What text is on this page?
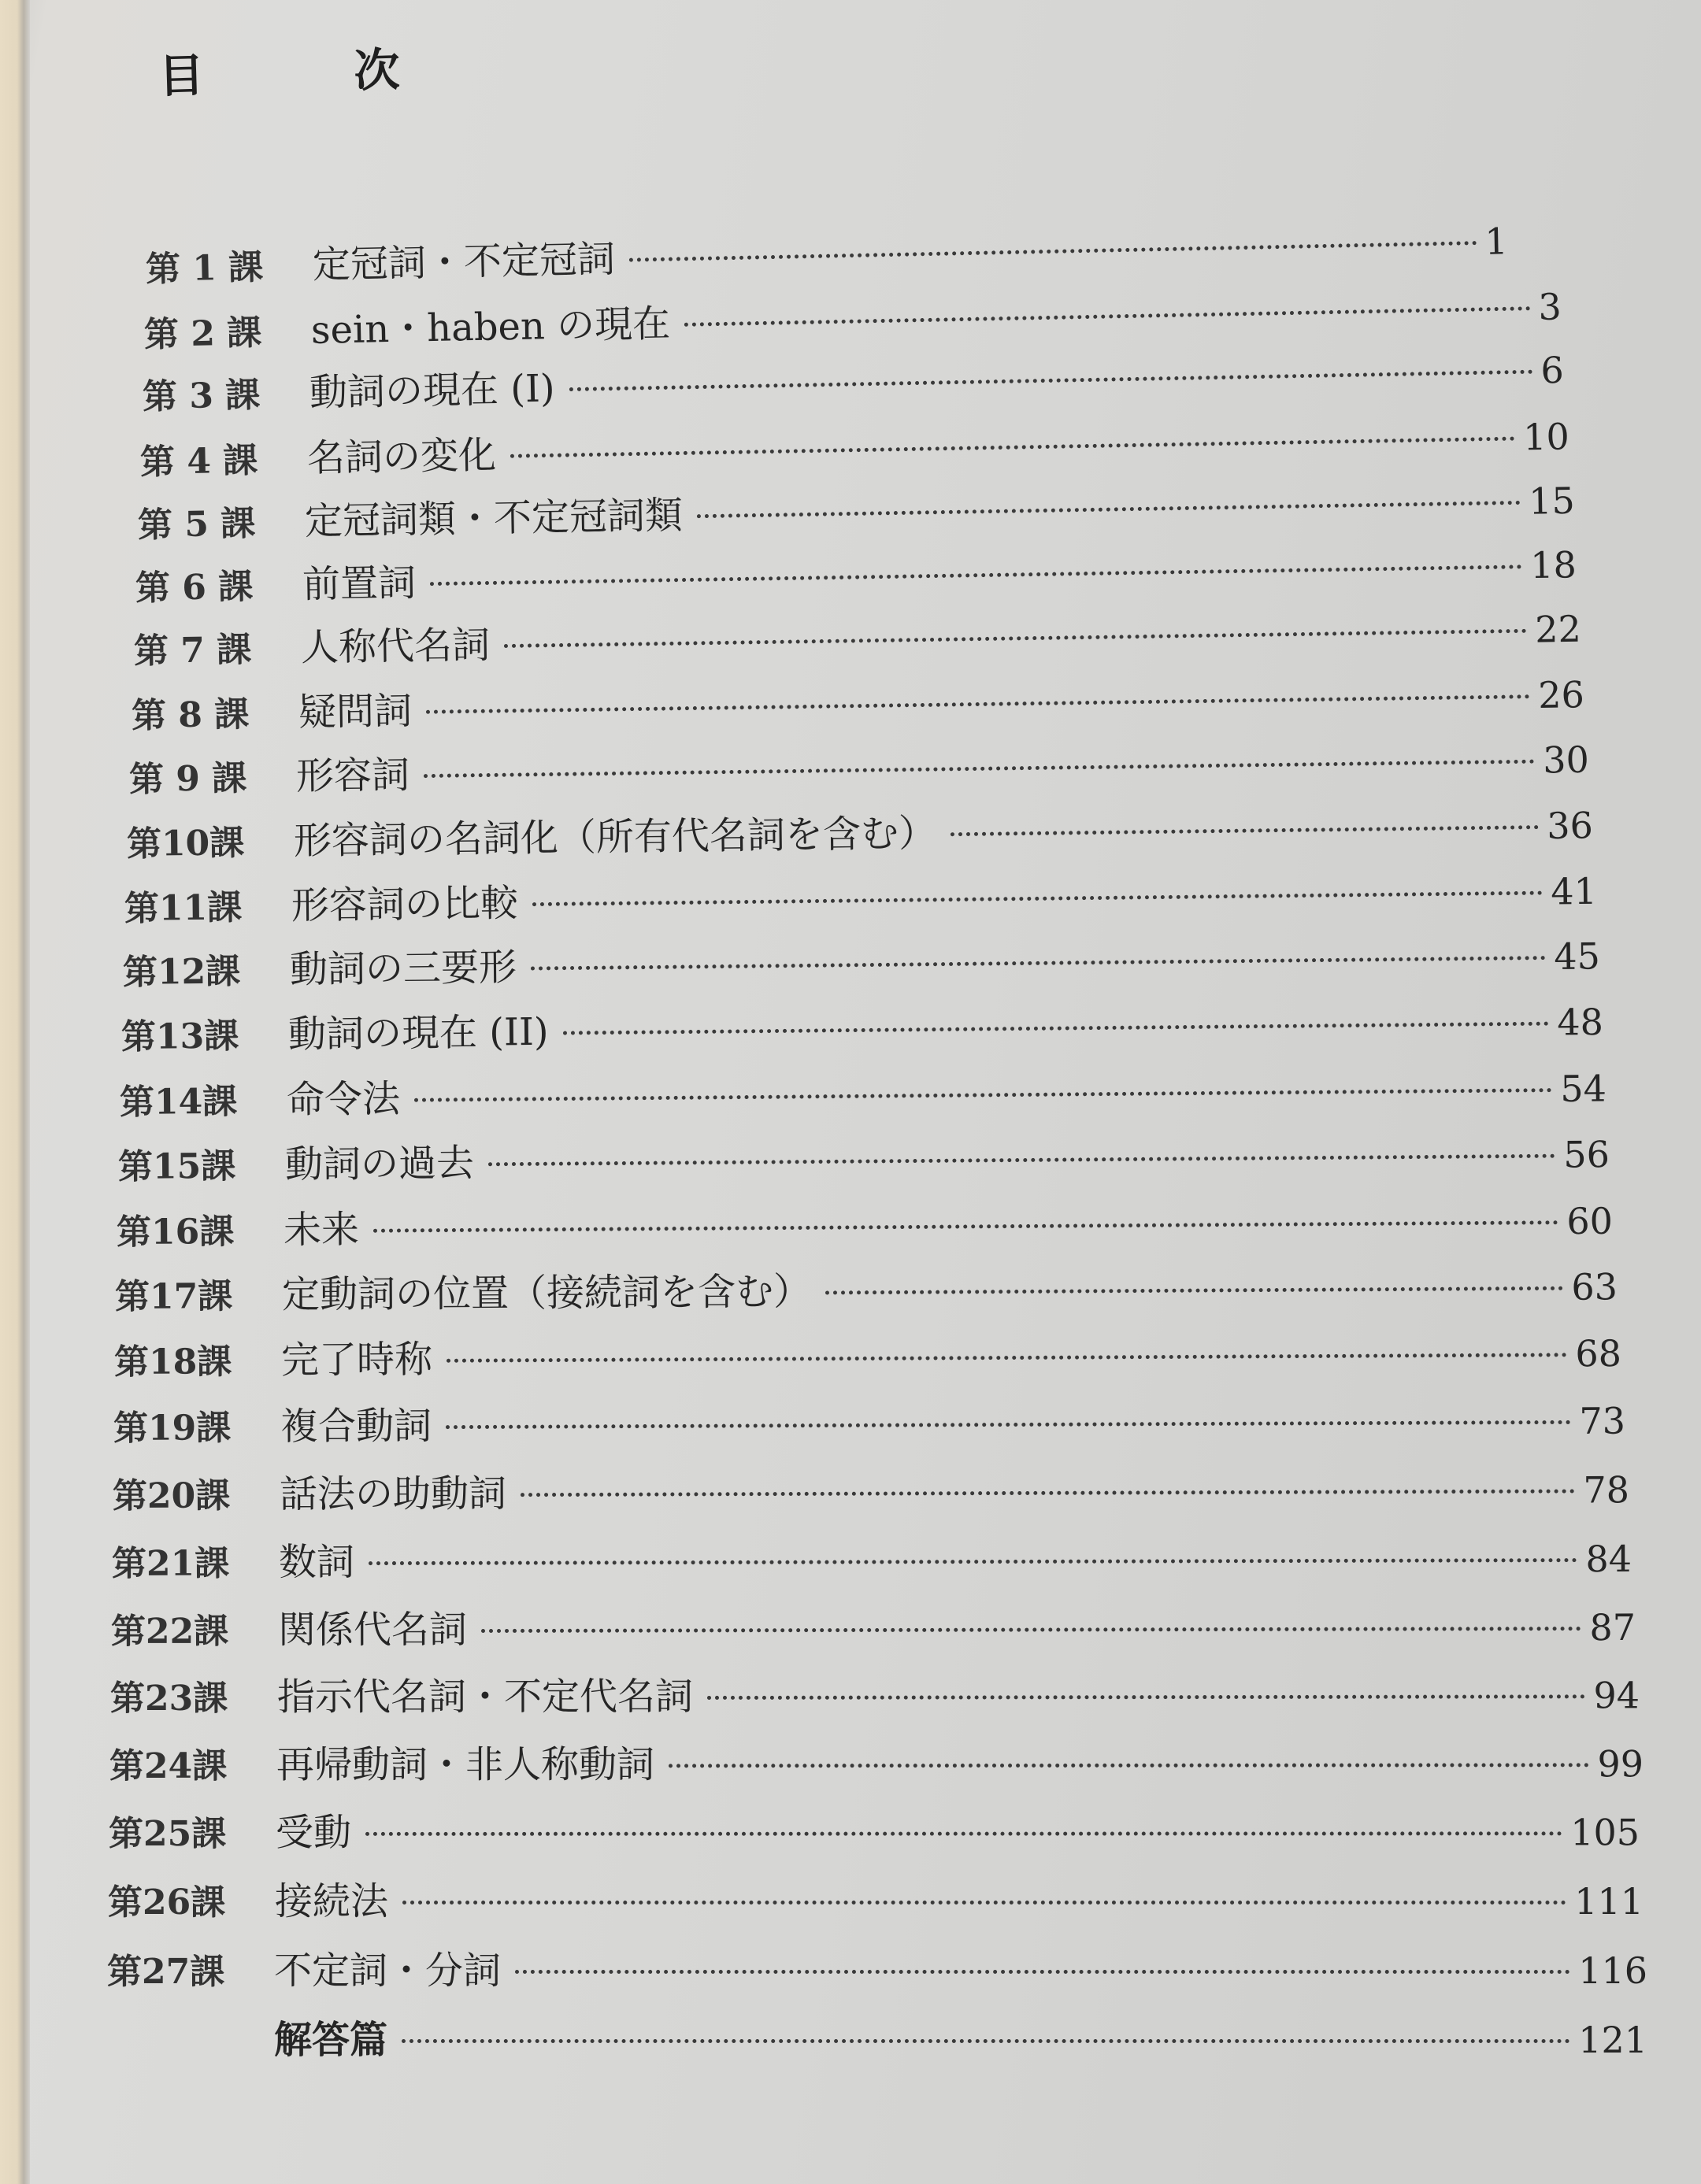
目 次
第 1 課	定冠詞・不定冠詞	1
第 2 課	sein・haben の現在	3
第 3 課	動詞の現在 (I)	6
第 4 課	名詞の変化	10
第 5 課	定冠詞類・不定冠詞類	15
第 6 課	前置詞	18
第 7 課	人称代名詞	22
第 8 課	疑問詞	26
第 9 課	形容詞	30
第10課	形容詞の名詞化（所有代名詞を含む）	36
第11課	形容詞の比較	41
第12課	動詞の三要形	45
第13課	動詞の現在 (II)	48
第14課	命令法	54
第15課	動詞の過去	56
第16課	未来	60
第17課	定動詞の位置（接続詞を含む）	63
第18課	完了時称	68
第19課	複合動詞	73
第20課	話法の助動詞	78
第21課	数詞	84
第22課	関係代名詞	87
第23課	指示代名詞・不定代名詞	94
第24課	再帰動詞・非人称動詞	99
第25課	受動	105
第26課	接続法	111
第27課	不定詞・分詞	116
解答篇	121
